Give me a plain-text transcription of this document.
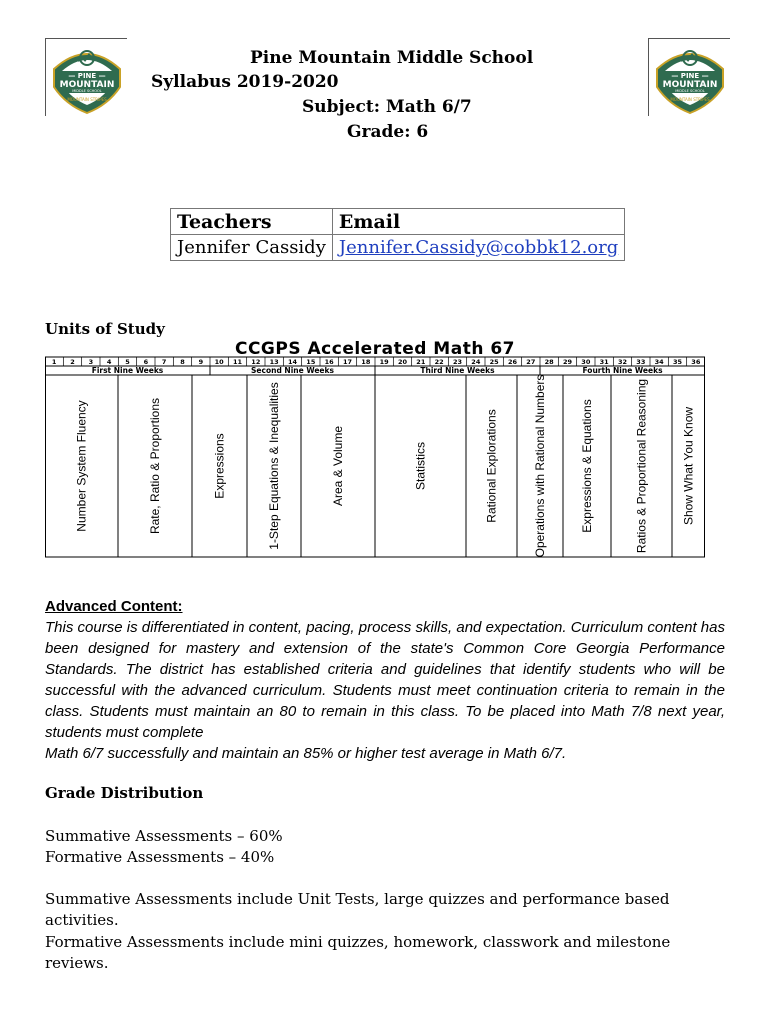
— PINE —
MOUNTAIN
MIDDLE SCHOOL
MOUNTAIN STRIPES
— PINE —
MOUNTAIN
MIDDLE SCHOOL
MOUNTAIN STRIPES
Pine Mountain Middle School
Syllabus 2019-2020
Subject: Math 6/7
Grade: 6
Teachers	Email
Jennifer Cassidy	Jennifer.Cassidy@cobbk12.org
Units of Study
CCGPS Accelerated Math 67
1 2 3 4 5 6 7 8 9 10 11 12 13 14 15 16 17 18 19 20 21 22 23 24 25 26 27 28 29 30 31 32 33 34 35 36
First Nine Weeks	Second Nine Weeks	Third Nine Weeks	Fourth Nine Weeks
Number System Fluency	Rate, Ratio & Proportions	Expressions	1-Step Equations & Inequalities	Area & Volume	Statistics	Rational Explorations	Operations with Rational Numbers	Expressions & Equations	Ratios & Proportional Reasoning	Show What You Know
Advanced Content:
This course is differentiated in content, pacing, process skills, and expectation. Curriculum content has been designed for mastery and extension of the state's Common Core Georgia Performance Standards. The district has established criteria and guidelines that identify students who will be successful with the advanced curriculum. Students must meet continuation criteria to remain in the class. Students must maintain an 80 to remain in this class. To be placed into Math 7/8 next year, students must complete
Math 6/7 successfully and maintain an 85% or higher test average in Math 6/7.
Grade Distribution
Summative Assessments – 60%
Formative Assessments – 40%
Summative Assessments include Unit Tests, large quizzes and performance based activities.
Formative Assessments include mini quizzes, homework, classwork and milestone reviews.
